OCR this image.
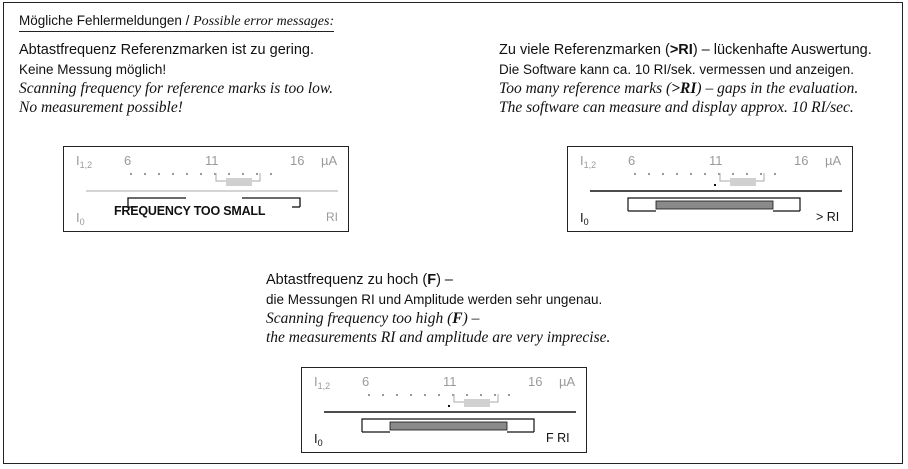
Mögliche Fehlermeldungen / Possible error messages:
Abtastfrequenz Referenzmarken ist zu gering.
Keine Messung möglich!
Scanning frequency for reference marks is too low.
No measurement possible!
Zu viele Referenzmarken (>RI) – lückenhafte Auswertung.
Die Software kann ca. 10 RI/sek. vermessen und anzeigen.
Too many reference marks (>RI) – gaps in the evaluation.
The software can measure and display approx. 10 RI/sec.
Abtastfrequenz zu hoch (F) –
die Messungen RI und Amplitude werden sehr ungenau.
Scanning frequency too high (F) –
the measurements RI and amplitude are very imprecise.
$I_{1,2}$ 6	11	16 µA
FREQUENCY TOO SMALL
$I_0$	RI
$I_{1,2}$ 6	11	16 µA
$I_0$	> RI
$I_{1,2}$ 6	11	16 µA
$I_0$	F RI
